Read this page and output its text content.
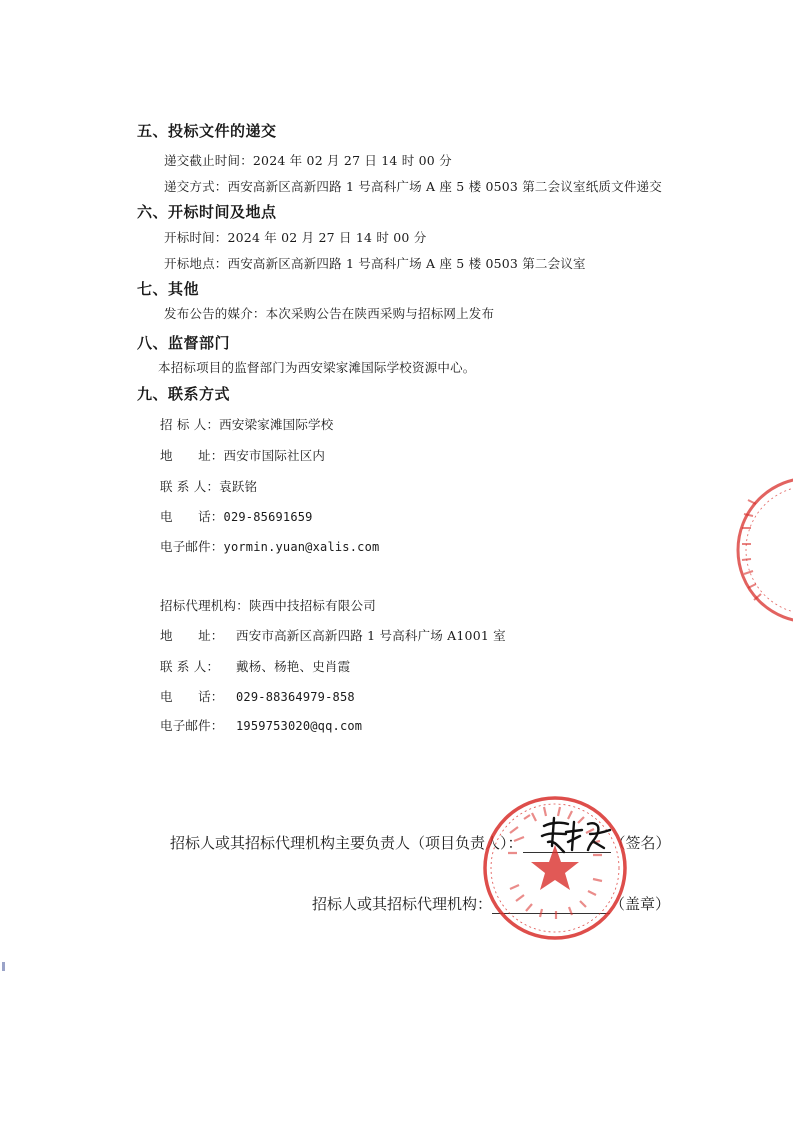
五、投标文件的递交
递交截止时间：2024 年 02 月 27 日 14 时 00 分
递交方式：西安高新区高新四路 1 号高科广场 A 座 5 楼 0503 第二会议室纸质文件递交
六、开标时间及地点
开标时间：2024 年 02 月 27 日 14 时 00 分
开标地点：西安高新区高新四路 1 号高科广场 A 座 5 楼 0503 第二会议室
七、其他
发布公告的媒介：本次采购公告在陕西采购与招标网上发布
八、监督部门
本招标项目的监督部门为西安梁家滩国际学校资源中心。
九、联系方式
招 标 人：西安梁家滩国际学校
地　　址：西安市国际社区内
联 系 人：袁跃铭
电　　话：029-85691659
电子邮件：yormin.yuan@xalis.com
招标代理机构：陕西中技招标有限公司
地　　址： 西安市高新区高新四路 1 号高科广场 A1001 室
联 系 人： 戴杨、杨艳、史肖霞
电　　话： 029-88364979-858
电子邮件： 1959753020@qq.com
招标人或其招标代理机构主要负责人（项目负责人）：	（签名）
招标人或其招标代理机构：	（盖章）
